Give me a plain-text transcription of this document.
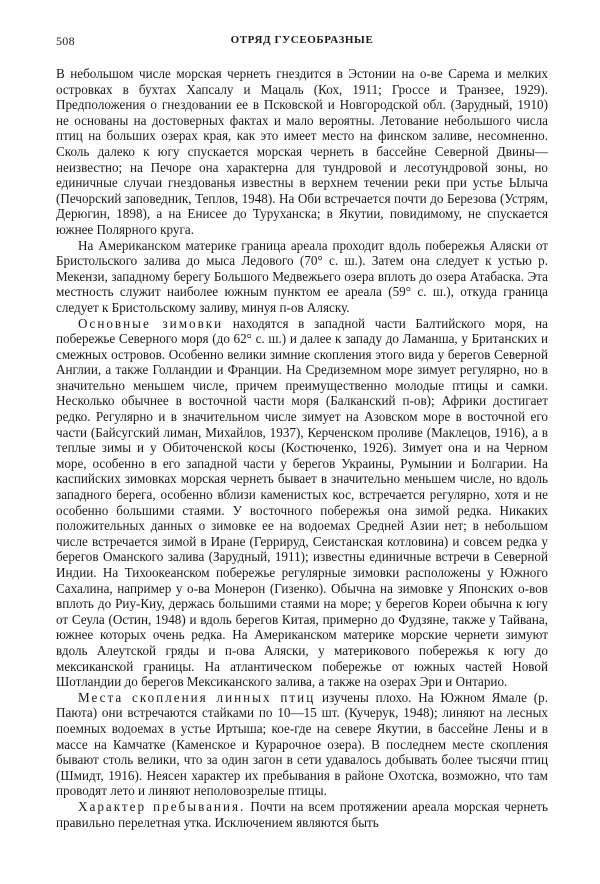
508	ОТРЯД ГУСЕОБРАЗНЫЕ

В небольшом числе морская чернеть гнездится в Эстонии на о-ве Сарема и мелких островках в бухтах Хапсалу и Мацаль (Кох, 1911; Гроссе и Транзее, 1929). Предположения о гнездовании ее в Псковской и Новгородской обл. (Зарудный, 1910) не основаны на достоверных фактах и мало вероятны. Летование небольшого числа птиц на больших озерах края, как это имеет место на финском заливе, несомненно. Сколь далеко к югу спускается морская чернеть в бассейне Северной Двины—неизвестно; на Печоре она характерна для тундровой и лесотундровой зоны, но единичные случаи гнездованья известны в верхнем течении реки при устье Ылыча (Печорский заповедник, Теплов, 1948). На Оби встречается почти до Березова (Устрям, Дерюгин, 1898), а на Енисее до Туруханска; в Якутии, повидимому, не спускается южнее Полярного круга.

На Американском материке граница ареала проходит вдоль побережья Аляски от Бристольского залива до мыса Ледового (70° с. ш.). Затем она следует к устью р. Мекензи, западному берегу Большого Медвежьего озера вплоть до озера Атабаска. Эта местность служит наиболее южным пунктом ее ареала (59° с. ш.), откуда граница следует к Бристольскому заливу, минуя п-ов Аляску.

Основные зимовки находятся в западной части Балтийского моря, на побережье Северного моря (до 62° с. ш.) и далее к западу до Ламаншa, у Британских и смежных островов. Особенно велики зимние скопления этого вида у берегов Северной Англии, а также Голландии и Франции. На Средиземном море зимует регулярно, но в значительно меньшем числе, причем преимущественно молодые птицы и самки. Несколько обычнее в восточной части моря (Балканский п-ов); Африки достигает редко. Регулярно и в значительном числе зимует на Азовском море в восточной его части (Байсугский лиман, Михайлов, 1937), Керченском проливе (Маклецов, 1916), а в теплые зимы и у Обиточенской косы (Костюченко, 1926). Зимует она и на Черном море, особенно в его западной части у берегов Украины, Румынии и Болгарии. На каспийских зимовках морская чернеть бывает в значительно меньшем числе, но вдоль западного берега, особенно вблизи каменистых кос, встречается регулярно, хотя и не особенно большими стаями. У восточного побережья она зимой редка. Никаких положительных данных о зимовке ее на водоемах Средней Азии нет; в небольшом числе встречается зимой в Иране (Геррируд, Сеистанская котловина) и совсем редка у берегов Оманского залива (Зарудный, 1911); известны единичные встречи в Северной Индии. На Тихоокеанском побережье регулярные зимовки расположены у Южного Сахалина, например у о-ва Монерон (Гизенко). Обычна на зимовке у Японских о-вов вплоть до Риу-Киу, держась большими стаями на море; у берегов Кореи обычна к югу от Сеула (Остин, 1948) и вдоль берегов Китая, примерно до Фудзяне, также у Тайвана, южнее которых очень редка. На Американском материке морские чернети зимуют вдоль Алеутской гряды и п-ова Аляски, у материкового побережья к югу до мексиканской границы. На атлантическом побережье от южных частей Новой Шотландии до берегов Мексиканского залива, а также на озерах Эри и Онтарио.

Места скопления линных птиц изучены плохо. На Южном Ямале (р. Паюта) они встречаются стайками по 10—15 шт. (Кучерук, 1948); линяют на лесных поемных водоемах в устье Иртыша; кое-где на севере Якутии, в бассейне Лены и в массе на Камчатке (Каменское и Курарочное озера). В последнем месте скопления бывают столь велики, что за один загон в сети удавалось добывать более тысячи птиц (Шмидт, 1916). Неясен характер их пребывания в районе Охотска, возможно, что там проводят лето и линяют неполовозрелые птицы.

Характер пребывания. Почти на всем протяжении ареала морская чернеть правильно перелетная утка. Исключением являются быть
